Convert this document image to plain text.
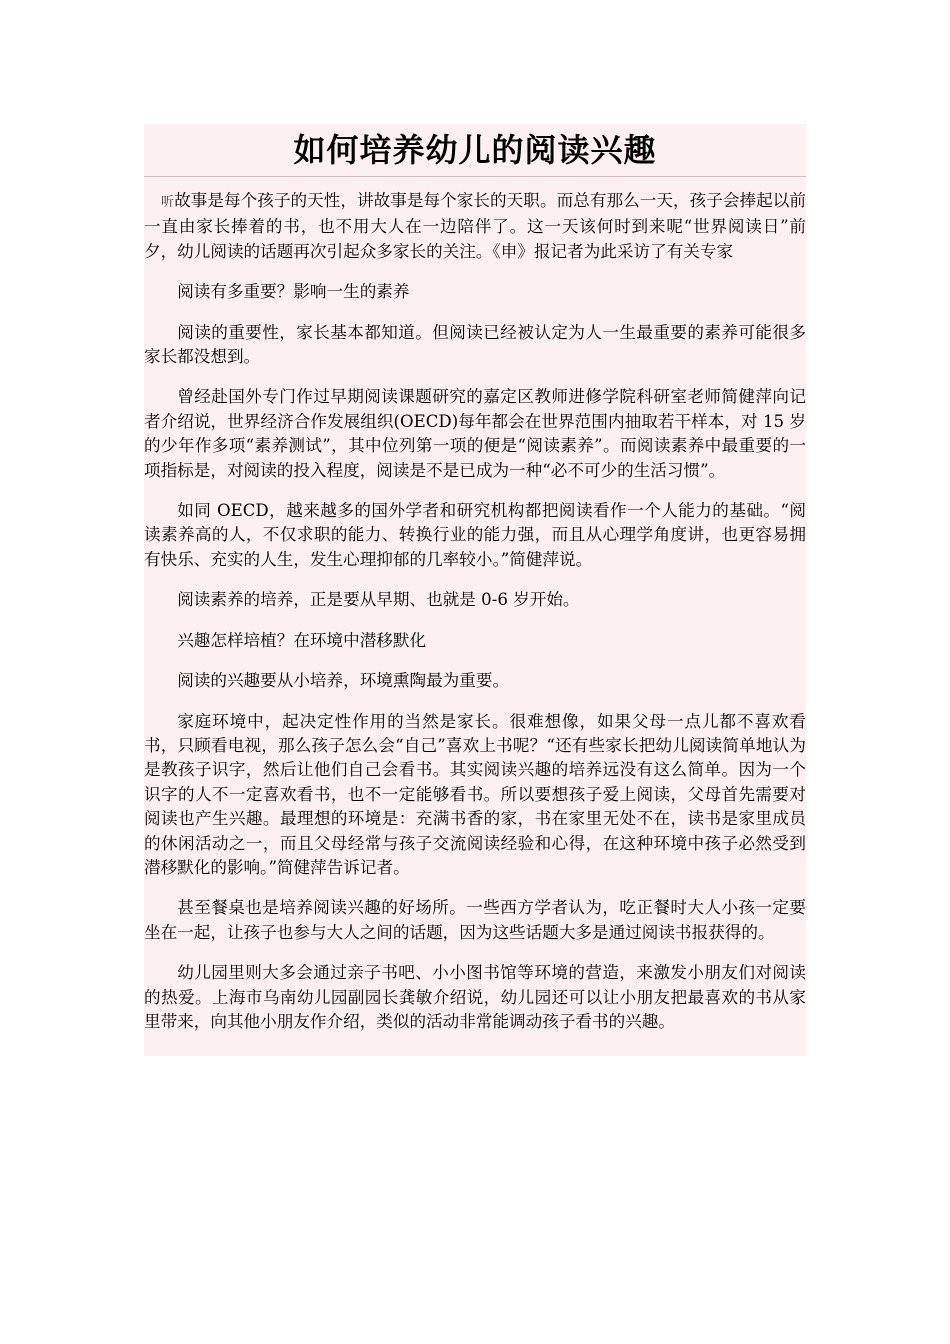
如何培养幼儿的阅读兴趣

听故事是每个孩子的天性，讲故事是每个家长的天职。而总有那么一天，孩子会捧起以前一直由家长捧着的书，也不用大人在一边陪伴了。这一天该何时到来呢“世界阅读日”前夕，幼儿阅读的话题再次引起众多家长的关注。《申》报记者为此采访了有关专家

阅读有多重要？影响一生的素养

阅读的重要性，家长基本都知道。但阅读已经被认定为人一生最重要的素养可能很多家长都没想到。

曾经赴国外专门作过早期阅读课题研究的嘉定区教师进修学院科研室老师简健萍向记者介绍说，世界经济合作发展组织(OECD)每年都会在世界范围内抽取若干样本，对 15 岁的少年作多项“素养测试”，其中位列第一项的便是“阅读素养”。而阅读素养中最重要的一项指标是，对阅读的投入程度，阅读是不是已成为一种“必不可少的生活习惯”。

如同 OECD，越来越多的国外学者和研究机构都把阅读看作一个人能力的基础。“阅读素养高的人，不仅求职的能力、转换行业的能力强，而且从心理学角度讲，也更容易拥有快乐、充实的人生，发生心理抑郁的几率较小。”简健萍说。

阅读素养的培养，正是要从早期、也就是 0-6 岁开始。

兴趣怎样培植？在环境中潜移默化

阅读的兴趣要从小培养，环境熏陶最为重要。

家庭环境中，起决定性作用的当然是家长。很难想像，如果父母一点儿都不喜欢看书，只顾看电视，那么孩子怎么会“自己”喜欢上书呢？“还有些家长把幼儿阅读简单地认为是教孩子识字，然后让他们自己会看书。其实阅读兴趣的培养远没有这么简单。因为一个识字的人不一定喜欢看书，也不一定能够看书。所以要想孩子爱上阅读，父母首先需要对阅读也产生兴趣。最理想的环境是：充满书香的家，书在家里无处不在，读书是家里成员的休闲活动之一，而且父母经常与孩子交流阅读经验和心得，在这种环境中孩子必然受到潜移默化的影响。”简健萍告诉记者。

甚至餐桌也是培养阅读兴趣的好场所。一些西方学者认为，吃正餐时大人小孩一定要坐在一起，让孩子也参与大人之间的话题，因为这些话题大多是通过阅读书报获得的。

幼儿园里则大多会通过亲子书吧、小小图书馆等环境的营造，来激发小朋友们对阅读的热爱。上海市乌南幼儿园副园长龚敏介绍说，幼儿园还可以让小朋友把最喜欢的书从家里带来，向其他小朋友作介绍，类似的活动非常能调动孩子看书的兴趣。
